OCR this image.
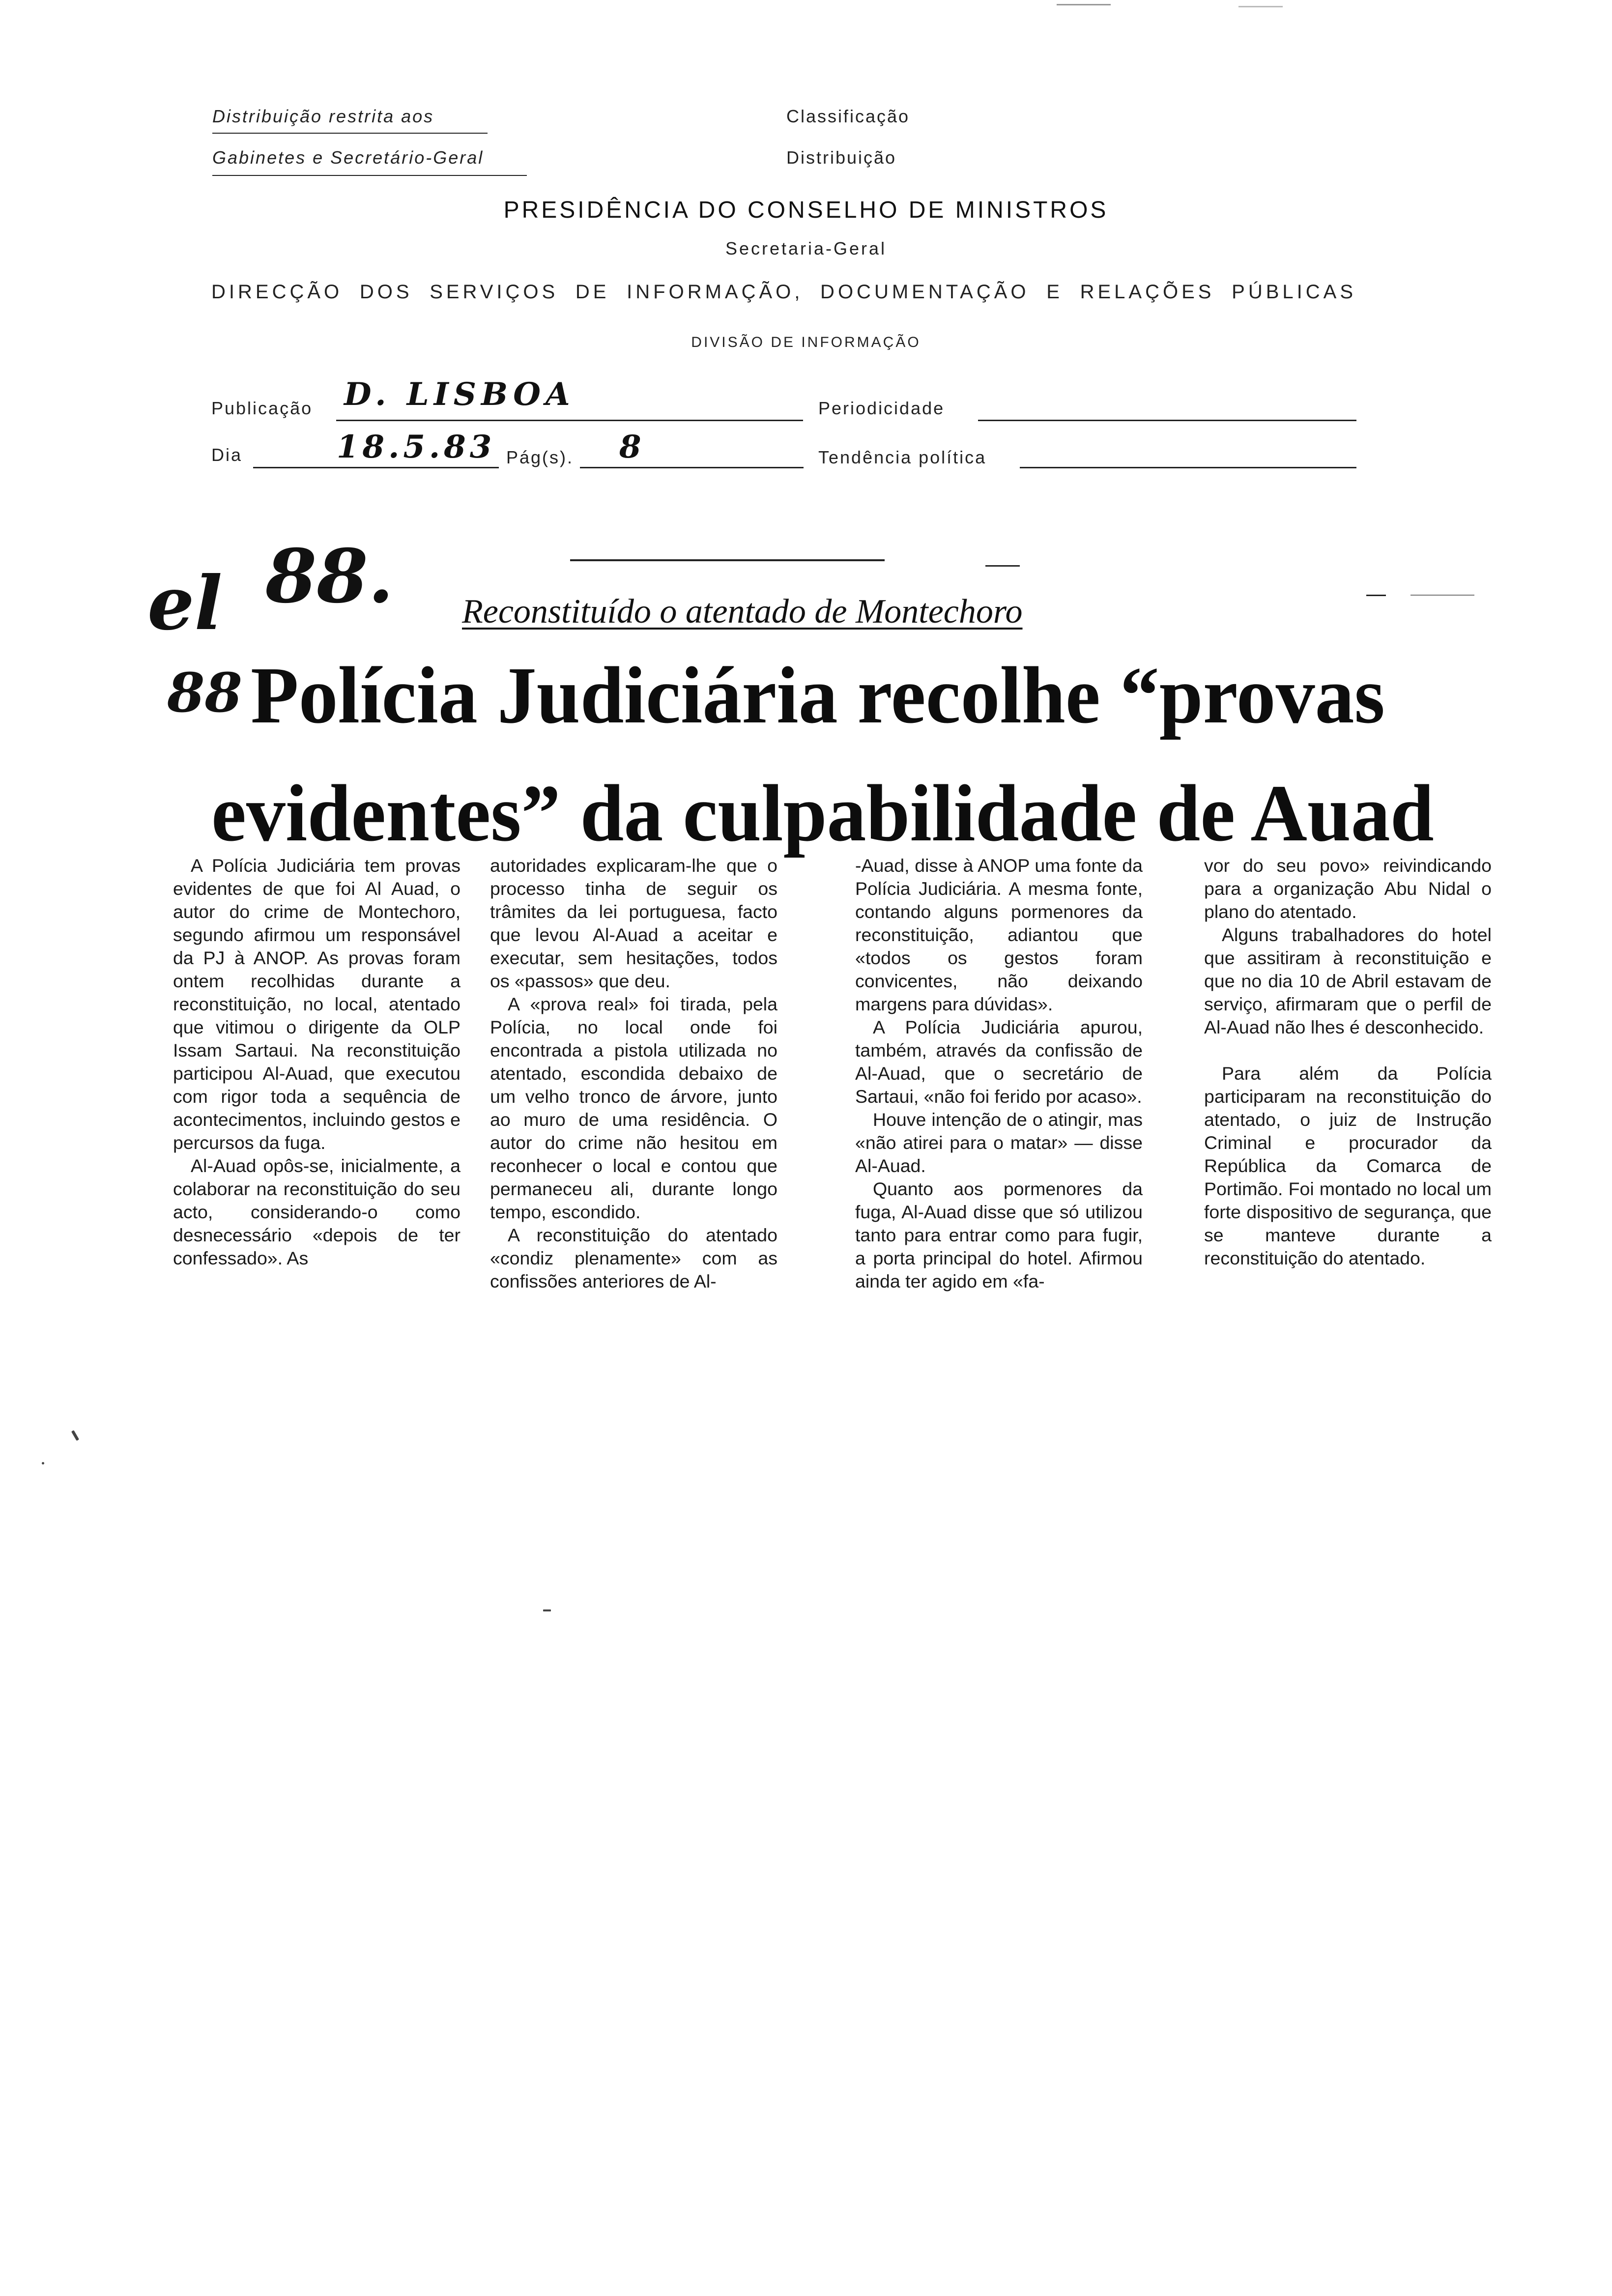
Distribuição restrita aos
Gabinetes e Secretário-Geral
Classificação
Distribuição
PRESIDÊNCIA DO CONSELHO DE MINISTROS
Secretaria-Geral
DIRECÇÃO DOS SERVIÇOS DE INFORMAÇÃO, DOCUMENTAÇÃO E RELAÇÕES PÚBLICAS
DIVISÃO DE INFORMAÇÃO
Publicação D. LISBOA	Periodicidade
Dia	18.5.83 Pág(s). 8	Tendência política
88.
el
88
Reconstituído o atentado de Montechoro
Polícia Judiciária recolhe “provas
evidentes” da culpabilidade de Auad

A Polícia Judiciária tem provas evidentes de que foi Al Auad, o autor do crime de Montechoro, segundo afirmou um responsável da PJ à ANOP. As provas foram ontem recolhidas durante a reconstituição, no local, atentado que vitimou o dirigente da OLP Issam Sartaui. Na reconstituição participou Al-Auad, que executou com rigor toda a sequência de acontecimentos, incluindo gestos e percursos da fuga.

Al-Auad opôs-se, inicialmente, a colaborar na reconstituição do seu acto, considerando-o como desnecessário «depois de ter confessado». As

autoridades explicaram-lhe que o processo tinha de seguir os trâmites da lei portuguesa, facto que levou Al-Auad a aceitar e executar, sem hesitações, todos os «passos» que deu.

A «prova real» foi tirada, pela Polícia, no local onde foi encontrada a pistola utilizada no atentado, escondida debaixo de um velho tronco de árvore, junto ao muro de uma residência. O autor do crime não hesitou em reconhecer o local e contou que permaneceu ali, durante longo tempo, escondido.

A reconstituição do atentado «condiz plenamente» com as confissões anteriores de Al-

-Auad, disse à ANOP uma fonte da Polícia Judiciária. A mesma fonte, contando alguns pormenores da reconstituição, adiantou que «todos os gestos foram convicentes, não deixando margens para dúvidas».

A Polícia Judiciária apurou, também, através da confissão de Al-Auad, que o secretário de Sartaui, «não foi ferido por acaso».

Houve intenção de o atingir, mas «não atirei para o matar» — disse Al-Auad.

Quanto aos pormenores da fuga, Al-Auad disse que só utilizou tanto para entrar como para fugir, a porta principal do hotel. Afirmou ainda ter agido em «fa-

vor do seu povo» reivindicando para a organização Abu Nidal o plano do atentado.

Alguns trabalhadores do hotel que assitiram à reconstituição e que no dia 10 de Abril estavam de serviço, afirmaram que o perfil de Al-Auad não lhes é desconhecido.

Para além da Polícia participaram na reconstituição do atentado, o juiz de Instrução Criminal e procurador da República da Comarca de Portimão. Foi montado no local um forte dispositivo de segurança, que se manteve durante a reconstituição do atentado.
